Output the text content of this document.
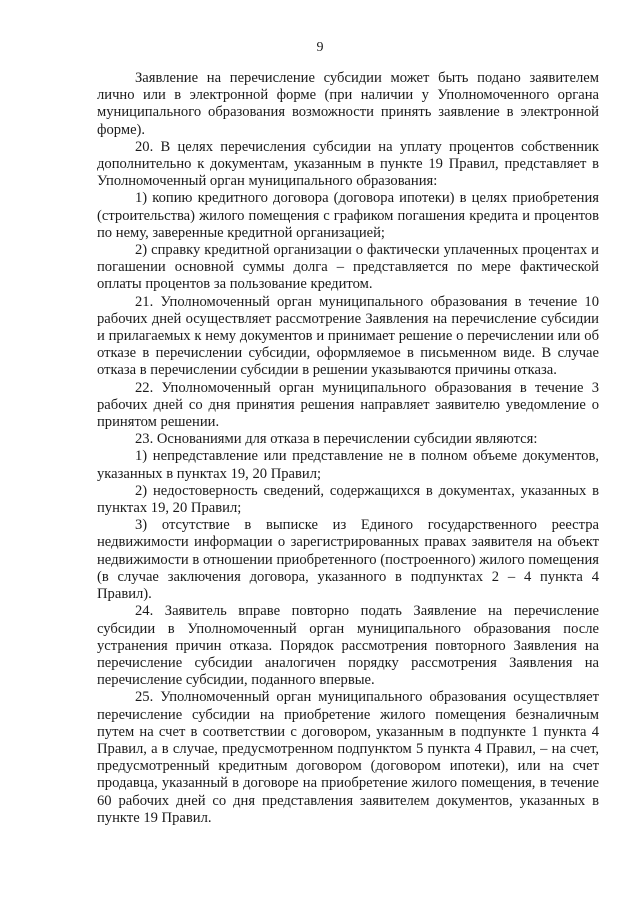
9

Заявление на перечисление субсидии может быть подано заявителем лично или в электронной форме (при наличии у Уполномоченного органа муниципального образования возможности принять заявление в электронной форме).

20. В целях перечисления субсидии на уплату процентов собственник дополнительно к документам, указанным в пункте 19 Правил, представляет в Уполномоченный орган муниципального образования:

1) копию кредитного договора (договора ипотеки) в целях приобретения (строительства) жилого помещения с графиком погашения кредита и процентов по нему, заверенные кредитной организацией;

2) справку кредитной организации о фактически уплаченных процентах и погашении основной суммы долга – представляется по мере фактической оплаты процентов за пользование кредитом.

21. Уполномоченный орган муниципального образования в течение 10 рабочих дней осуществляет рассмотрение Заявления на перечисление субсидии и прилагаемых к нему документов и принимает решение о перечислении или об отказе в перечислении субсидии, оформляемое в письменном виде. В случае отказа в перечислении субсидии в решении указываются причины отказа.

22. Уполномоченный орган муниципального образования в течение 3 рабочих дней со дня принятия решения направляет заявителю уведомление о принятом решении.

23. Основаниями для отказа в перечислении субсидии являются:

1) непредставление или представление не в полном объеме документов, указанных в пунктах 19, 20 Правил;

2) недостоверность сведений, содержащихся в документах, указанных в пунктах 19, 20 Правил;

3) отсутствие в выписке из Единого государственного реестра недвижимости информации о зарегистрированных правах заявителя на объект недвижимости в отношении приобретенного (построенного) жилого помещения (в случае заключения договора, указанного в подпунктах 2 – 4 пункта 4 Правил).

24. Заявитель вправе повторно подать Заявление на перечисление субсидии в Уполномоченный орган муниципального образования после устранения причин отказа. Порядок рассмотрения повторного Заявления на перечисление субсидии аналогичен порядку рассмотрения Заявления на перечисление субсидии, поданного впервые.

25. Уполномоченный орган муниципального образования осуществляет перечисление субсидии на приобретение жилого помещения безналичным путем на счет в соответствии с договором, указанным в подпункте 1 пункта 4 Правил, а в случае, предусмотренном подпунктом 5 пункта 4 Правил, – на счет, предусмотренный кредитным договором (договором ипотеки), или на счет продавца, указанный в договоре на приобретение жилого помещения, в течение 60 рабочих дней со дня представления заявителем документов, указанных в пункте 19 Правил.
